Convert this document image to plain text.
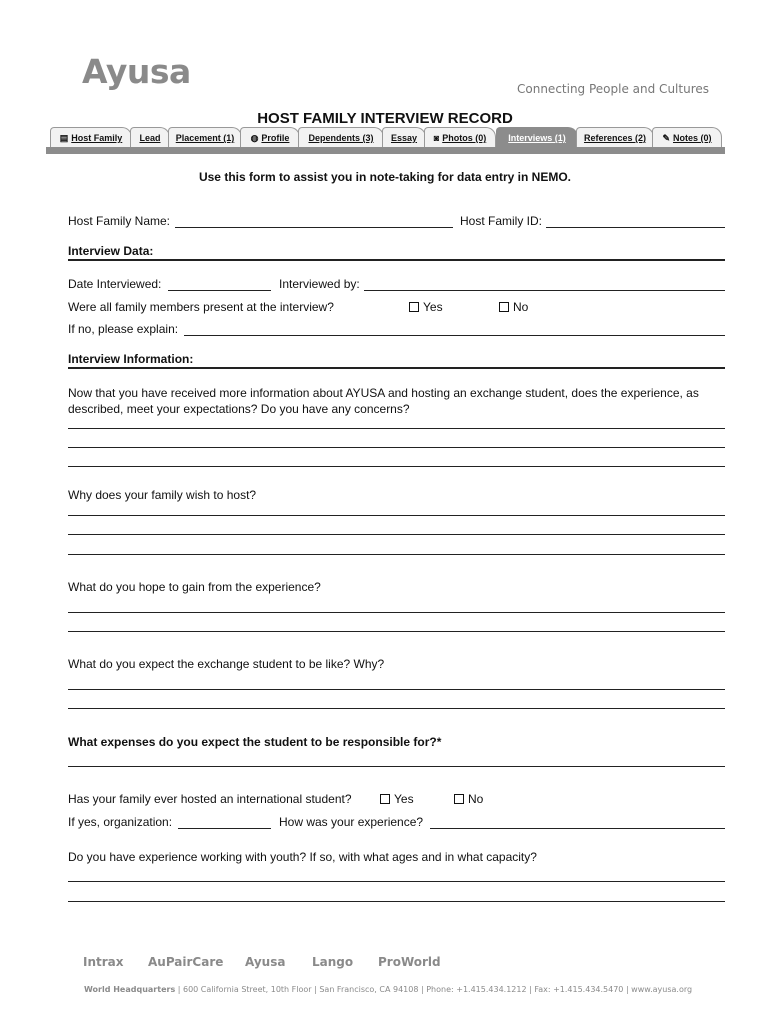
Ayusa	Connecting People and Cultures
HOST FAMILY INTERVIEW RECORD
▤ Host Family	Lead	Placement (1)	◍ Profile	Dependents (3)	Essay	◙ Photos (0)	Interviews (1)	References (2)	✎ Notes (0)
Use this form to assist you in note-taking for data entry in NEMO.
Host Family Name:	Host Family ID:
Interview Data:
Date Interviewed:	Interviewed by:
Were all family members present at the interview?	Yes	No
If no, please explain:
Interview Information:
Now that you have received more information about AYUSA and hosting an exchange student, does the experience, as described, meet your expectations? Do you have any concerns?
Why does your family wish to host?
What do you hope to gain from the experience?
What do you expect the exchange student to be like? Why?
What expenses do you expect the student to be responsible for?*
Has your family ever hosted an international student?	Yes	No
If yes, organization:	How was your experience?
Do you have experience working with youth? If so, with what ages and in what capacity?
Intrax AuPairCare Ayusa Lango ProWorld
World Headquarters | 600 California Street, 10th Floor | San Francisco, CA 94108 | Phone: +1.415.434.1212 | Fax: +1.415.434.5470 | www.ayusa.org
